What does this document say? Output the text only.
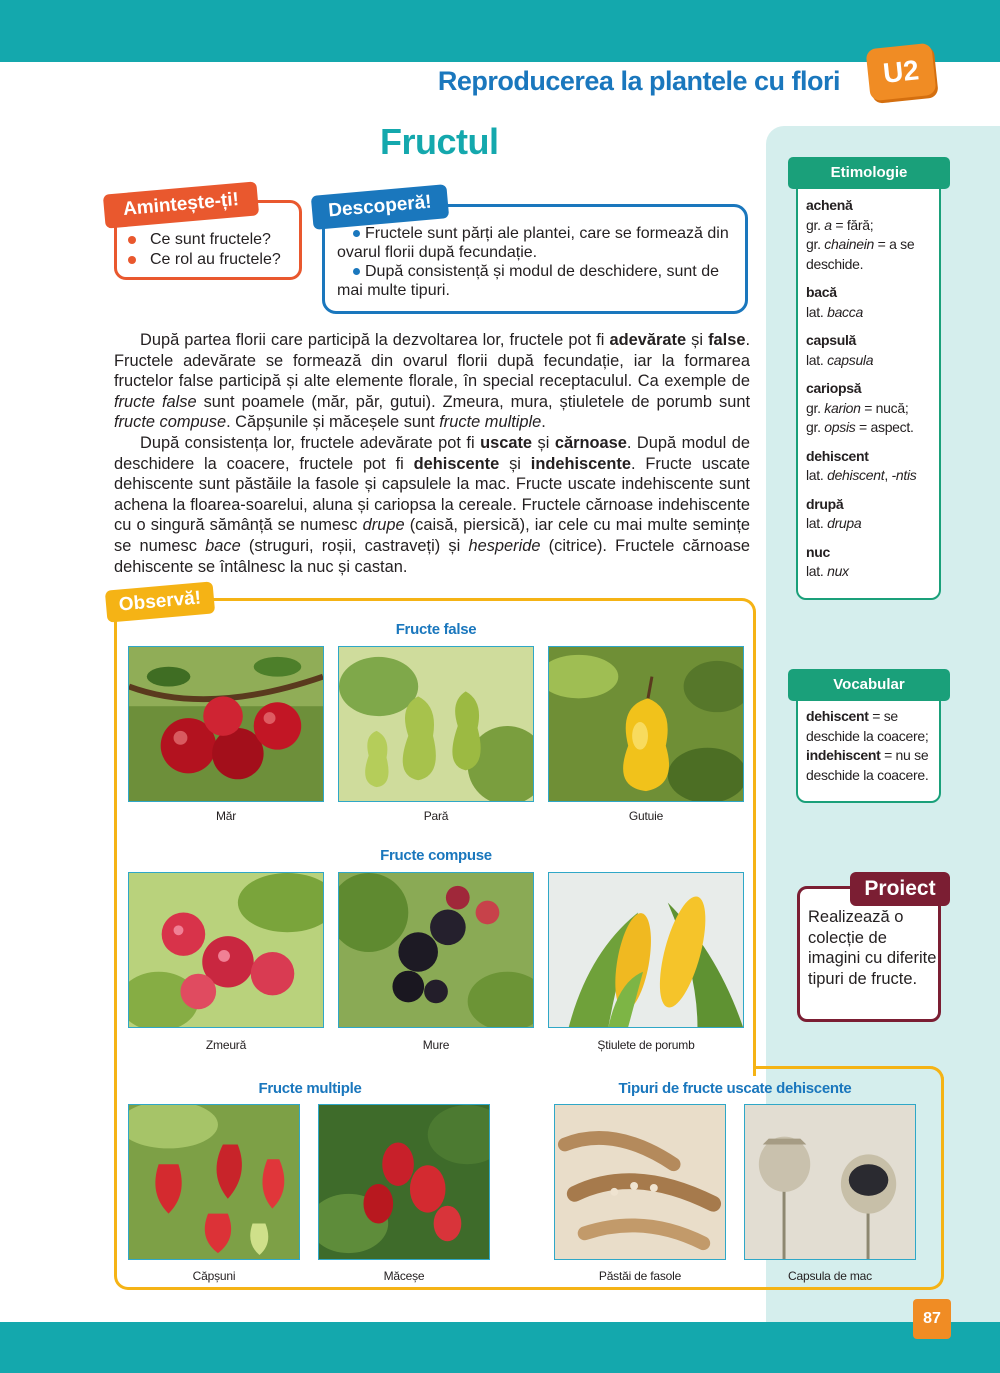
Reproducerea la plantele cu flori	U2
Fructul
Amintește-ți!
Ce sunt fructele?
Ce rol au fructele?
Descoperă!
Fructele sunt părți ale plantei, care se formează din ovarul florii după fecundație.
După consistență și modul de deschidere, sunt de mai multe tipuri.

După partea florii care participă la dezvoltarea lor, fructele pot fi adevărate și false. Fructele adevărate se formează din ovarul florii după fecundație, iar la formarea fructelor false participă și alte elemente florale, în special receptaculul. Ca exemple de fructe false sunt poamele (măr, păr, gutui). Zmeura, mura, știuletele de porumb sunt fructe compuse. Căpșunile și măceșele sunt fructe multiple.

După consistența lor, fructele adevărate pot fi uscate și cărnoase. După modul de deschidere la coacere, fructele pot fi dehiscente și indehiscente. Fructe uscate dehiscente sunt păstăile la fasole și capsulele la mac. Fructe uscate indehiscente sunt achena la floarea-soarelui, aluna și cariopsa la cereale. Fructele cărnoase indehiscente cu o singură sămânță se numesc drupe (caisă, piersică), iar cele cu mai multe semințe se numesc bace (struguri, roșii, castraveți) și hesperide (citrice). Fructele cărnoase dehiscente se întâlnesc la nuc și castan.

Etimologie
achenă
gr. a = fără;
gr. chainein = a se deschide.
bacă
lat. bacca
capsulă
lat. capsula
cariopsă
gr. karion = nucă;
gr. opsis = aspect.
dehiscent
lat. dehiscent, -ntis
drupă
lat. drupa
nuc
lat. nux
Vocabular
dehiscent = se deschide la coacere; indehiscent = nu se deschide la coacere.
Proiect
Realizează o colecție de imagini cu diferite tipuri de fructe.
Observă!
Fructe false
Fructe compuse
Fructe multiple	Tipuri de fructe uscate dehiscente
Măr	Pară	Gutuie
Zmeură	Mure	Știulete de porumb
Căpșuni	Măceșe	Păstăi de fasole	Capsula de mac
87
